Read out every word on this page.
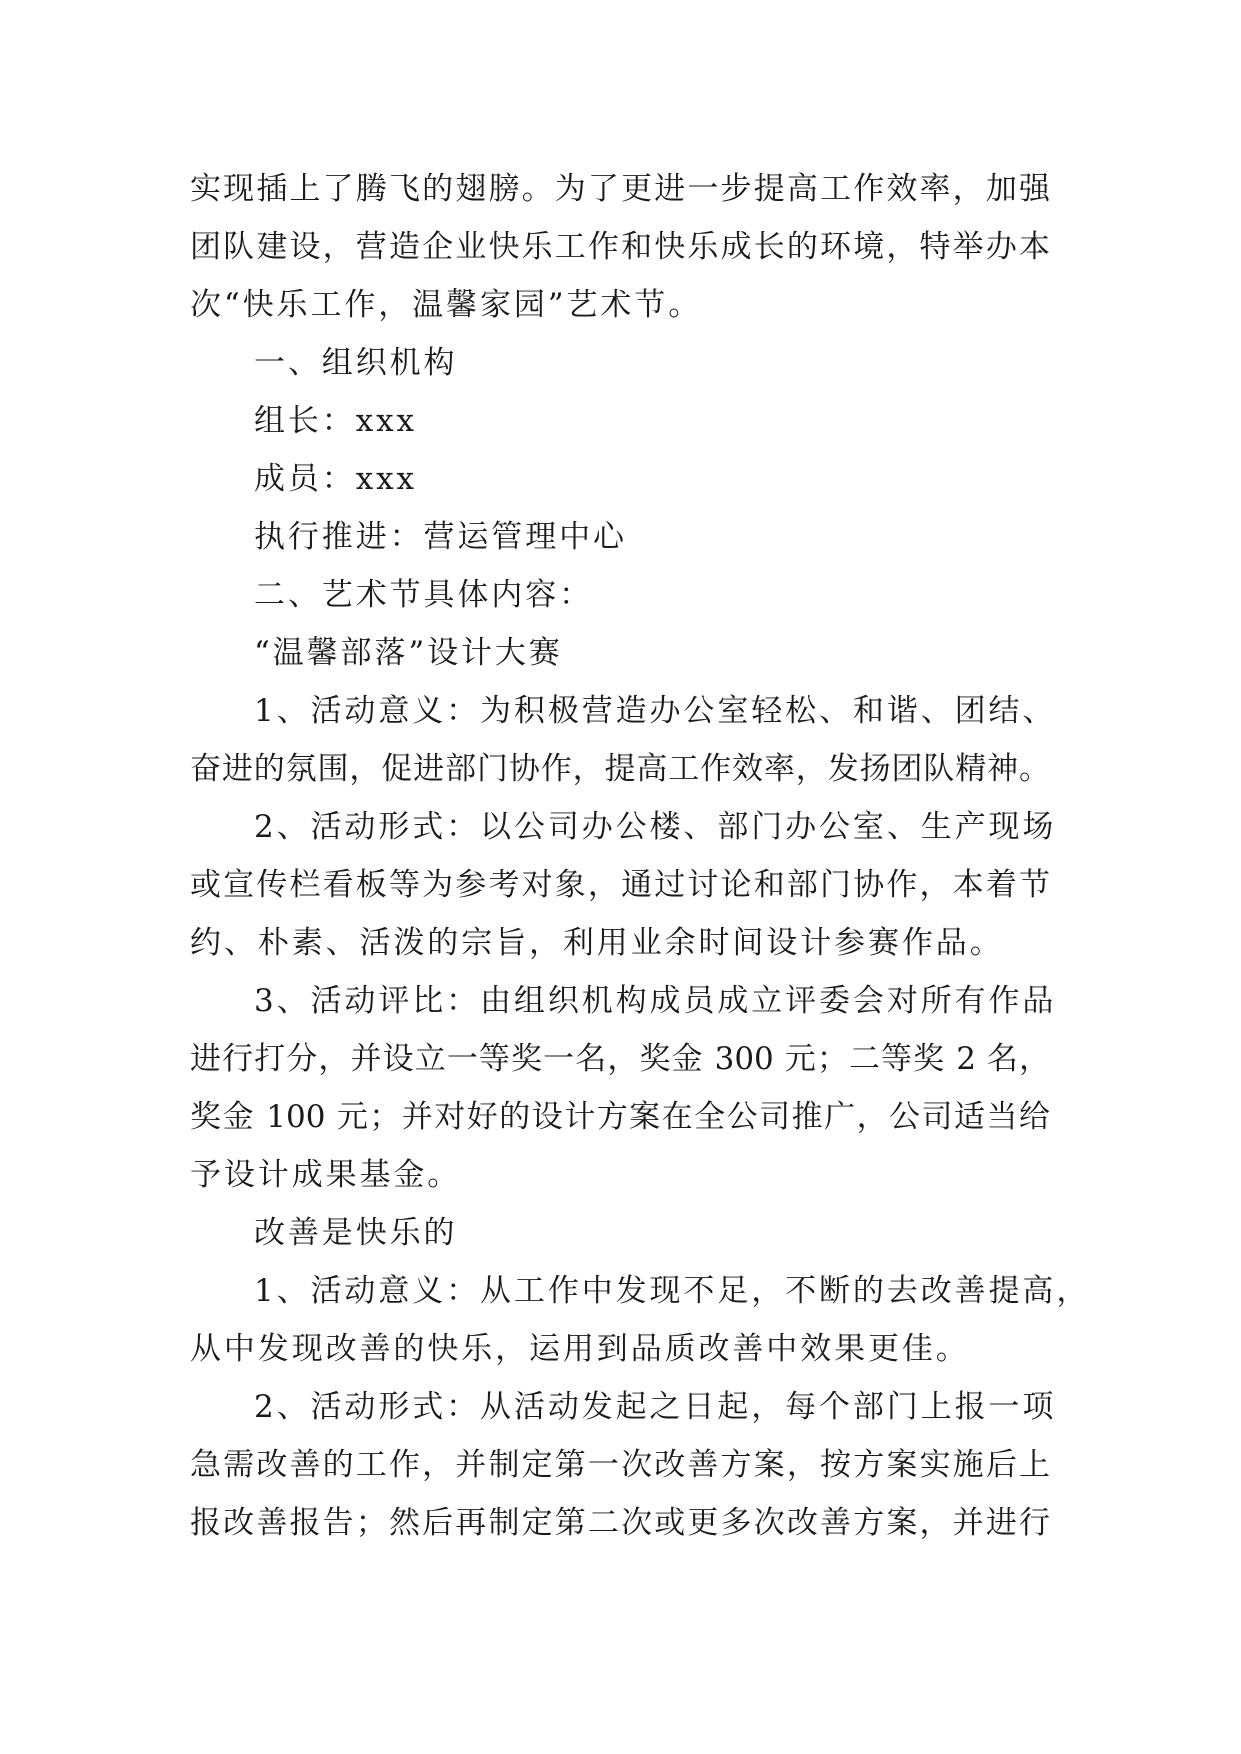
实现插上了腾飞的翅膀。为了更进一步提高工作效率，加强
团队建设，营造企业快乐工作和快乐成长的环境，特举办本
次“快乐工作，温馨家园”艺术节。
一、组织机构
组长：xxx
成员：xxx
执行推进：营运管理中心
二、艺术节具体内容：
“温馨部落”设计大赛
1、活动意义：为积极营造办公室轻松、和谐、团结、
奋进的氛围，促进部门协作，提高工作效率，发扬团队精神。
2、活动形式：以公司办公楼、部门办公室、生产现场
或宣传栏看板等为参考对象，通过讨论和部门协作，本着节
约、朴素、活泼的宗旨，利用业余时间设计参赛作品。
3、活动评比：由组织机构成员成立评委会对所有作品
进行打分，并设立一等奖一名，奖金 300 元；二等奖 2 名，
奖金 100 元；并对好的设计方案在全公司推广，公司适当给
予设计成果基金。
改善是快乐的
1、活动意义：从工作中发现不足，不断的去改善提高，
从中发现改善的快乐，运用到品质改善中效果更佳。
2、活动形式：从活动发起之日起，每个部门上报一项
急需改善的工作，并制定第一次改善方案，按方案实施后上
报改善报告；然后再制定第二次或更多次改善方案，并进行
